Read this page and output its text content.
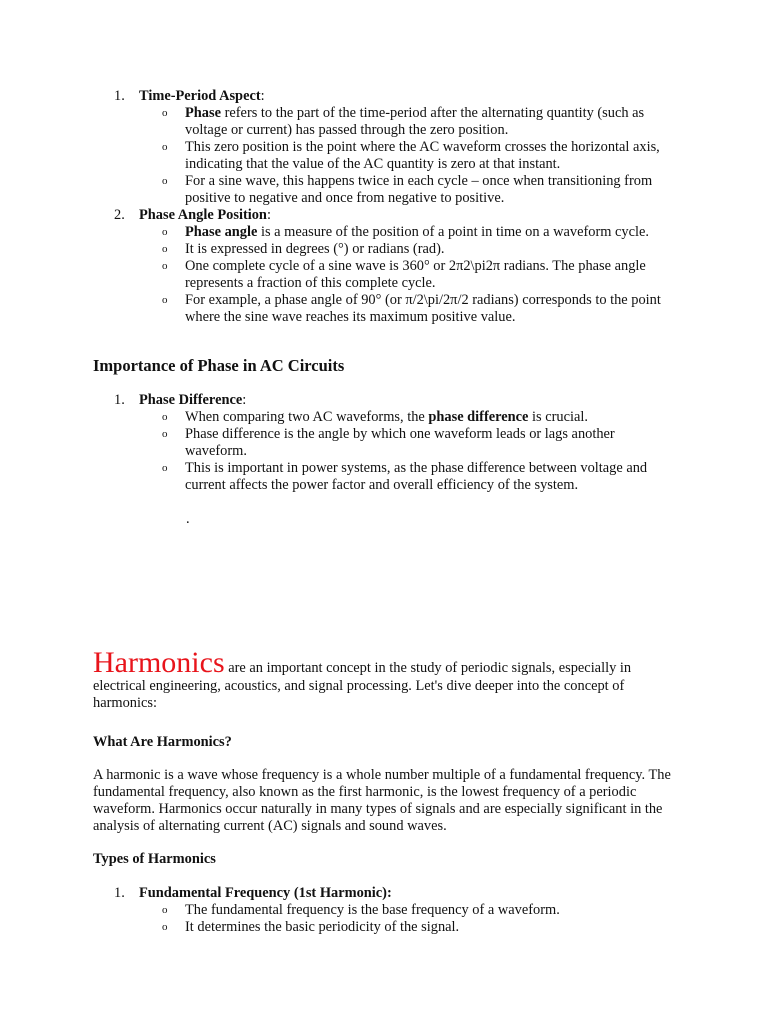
1. Time-Period Aspect:
o Phase refers to the part of the time-period after the alternating quantity (such as voltage or current) has passed through the zero position.
o This zero position is the point where the AC waveform crosses the horizontal axis, indicating that the value of the AC quantity is zero at that instant.
o For a sine wave, this happens twice in each cycle – once when transitioning from positive to negative and once from negative to positive.
2. Phase Angle Position:
o Phase angle is a measure of the position of a point in time on a waveform cycle.
o It is expressed in degrees (°) or radians (rad).
o One complete cycle of a sine wave is 360° or 2π2\pi2π radians. The phase angle represents a fraction of this complete cycle.
o For example, a phase angle of 90° (or π/2\pi/2π/2 radians) corresponds to the point where the sine wave reaches its maximum positive value.
Importance of Phase in AC Circuits
1. Phase Difference:
o When comparing two AC waveforms, the phase difference is crucial.
o Phase difference is the angle by which one waveform leads or lags another waveform.
o This is important in power systems, as the phase difference between voltage and current affects the power factor and overall efficiency of the system.
.
Harmonics are an important concept in the study of periodic signals, especially in electrical engineering, acoustics, and signal processing. Let's dive deeper into the concept of harmonics:
What Are Harmonics?

A harmonic is a wave whose frequency is a whole number multiple of a fundamental frequency. The fundamental frequency, also known as the first harmonic, is the lowest frequency of a periodic waveform. Harmonics occur naturally in many types of signals and are especially significant in the analysis of alternating current (AC) signals and sound waves.

Types of Harmonics
1. Fundamental Frequency (1st Harmonic):
o The fundamental frequency is the base frequency of a waveform.
o It determines the basic periodicity of the signal.
